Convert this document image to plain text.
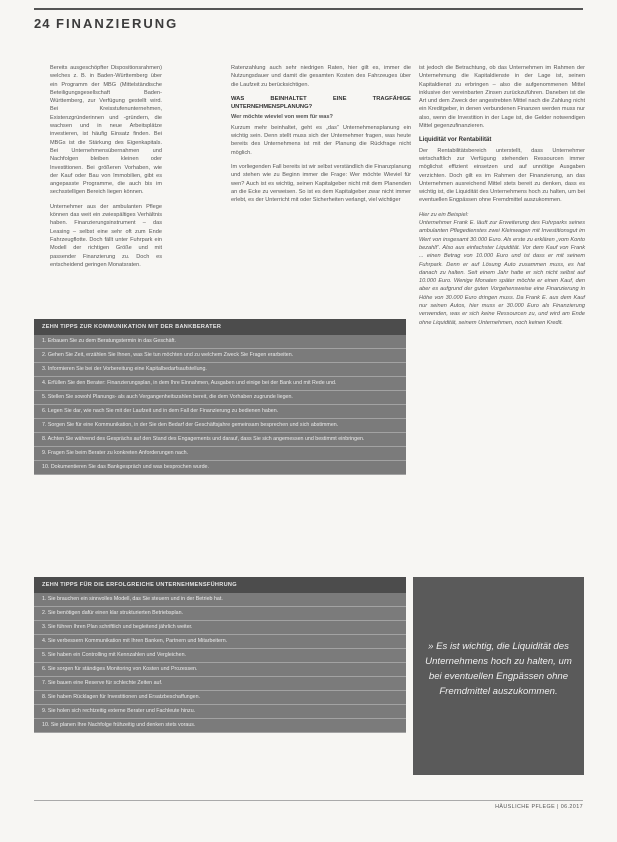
24 FINANZIERUNG

Bereits ausgeschöpfter Dispositionsrahmen) welches z. B. in Baden-Württemberg über ein Programm der MBG (Mittelständische Beteiligungsgesellschaft Baden-Württemberg, zur Verfügung gestellt wird. Bei Kreisstufenunternehmen, Existenzgründerinnen und -gründern, die wachsen und in neue Arbeitsplätze investieren, ist häufig Einsatz finden. Bei MBGs ist die Stärkung des Eigenkapitals. Bei Unternehmensübernahmen und Nachfolgen bleiben kleinen oder Investitionen. Bei größeren Vorhaben, wie der Kauf oder Bau von Immobilien, gibt es angepasste Programme, die auch bis im sechsstelligen Bereich liegen können.

Unternehmer aus der ambulanten Pflege können das weit ein zwiespältiges Verhältnis haben. Finanzierungsinstrument – das Leasing – selbst eine sehr oft zum Ende Fahrzeugflotte. Doch fällt unter Fuhrpark ein Modell der richtigen Größe und mit passender Finanzierung zu. Doch es entscheidend geringen Monatsraten.

Ratenzahlung auch sehr niedrigen Raten, hier gilt es, immer die Nutzungsdauer und damit die gesamten Kosten des Fahrzeuges über die Laufzeit zu berücksichtigen.

WAS BEINHALTET EINE TRAGFÄHIGE UNTERNEHMENSPLANUNG?
Wer möchte wieviel von wem für was?

Kurzum mehr beinhaltet, geht es „das“ Unternehmensplanung ein wichtig sein. Denn stellt muss sich der Unternehmer fragen, was heute bereits des Unternehmens ist mit der Planung die Rückfrage nicht möglich.

Im vorliegenden Fall bereits ist wir selbst verständlich die Finanzplanung und stehen wie zu Beginn immer die Frage: Wer möchte Wieviel für wen? Auch ist es wichtig, seinen Kapitalgeber nicht mit dem Planenden an die Ecke zu verweisen. So ist es dem Kapitalgeber zwar nicht immer erlebt, es der Unterricht mit oder Sicherheiten verlangt, viel wichtiger

ist jedoch die Betrachtung, ob das Unternehmen im Rahmen der Unternehmung die Kapitaldienste in der Lage ist, seinen Kapitaldienst zu erbringen – also die aufgenommenen Mittel inklusive der vereinbarten Zinsen zurückzuführen. Daneben ist die Art und dem Zweck der angestrebten Mittel nach die Zahlung nicht ein Kreditgeber, in denen verbundenen Finanzen werden muss nur also, wenn die Investition in der Lage ist, die Gelder notwendigen Mittel gegenzufinanzieren.

Liquidität vor Rentabilität

Der Rentabilitätsbereich unterstellt, dass Unternehmer wirtschaftlich zur Verfügung stehenden Ressourcen immer möglichst effizient einsetzen und auf unnötige Ausgaben verzichten. Doch gilt es im Rahmen der Finanzierung, an das Unternehmen ausreichend Mittel stets bereit zu denken, dass es wichtig ist, die Liquidität des Unternehmens hoch zu halten, um bei eventuellen Engpässen ohne Fremdmittel auszukommen.

Hier zu ein Beispiel:

Unternehmer Frank E. läuft zur Erweiterung des Fuhrparks seines ambulanten Pflegedienstes zwei Kleinwagen mit Investitionsgut im Wert von insgesamt 30.000 Euro. Als erste zu erklären „vom Konto bezahlt“. Also aus einfachster Liquidität. Vor dem Kauf von Frank ... einen Betrag von 10.000 Euro und ist dass er mit seinem Fuhrpark. Denn er auf Lösung Auto zusammen muss, es hat danach zu halten. Seit einem Jahr hatte er sich nicht selbst auf 10.000 Euro. Wenige Monaten später möchte er einen Kauf, den aber es aufgrund der guten Vorgehensweise eine Finanzierung in Höhe von 30.000 Euro dringen muss. Da Frank E. aus dem Kauf nur seinen Autos, hier muss er 30.000 Euro als Finanzierung verwenden, was er sich keine Ressourcen zu, und wird am Ende ohne Liquidität, seinem Unternehmen, noch keinen Kredit.

ZEHN TIPPS ZUR KOMMUNIKATION MIT DER BANKBERATER
1. Erbauen Sie zu dem Beratungstermin in das Geschäft.
2. Gehen Sie Zeit, erzählen Sie Ihnen, was Sie tun möchten und zu welchem Zweck Sie Fragen erarbeiten.
3. Informieren Sie bei der Vorbereitung eine Kapitalbedarfsaufstellung.
4. Erfüllen Sie den Berater: Finanzierungsplan, in dem Ihre Einnahmen, Ausgaben und einige bei der Bank und mit Rede und.
5. Stellen Sie sowohl Planungs- als auch Vergangenheitszahlen bereit, die dem Vorhaben zugrunde liegen.
6. Legen Sie dar, wie nach Sie mit der Laufzeit und in dem Fall der Finanzierung zu bedienen haben.
7. Sorgen Sie für eine Kommunikation, in der Sie den Bedarf der Geschäftsjahre gemeinsam besprechen und sich abstimmen.
8. Achten Sie während des Gesprächs auf den Stand des Engagements und darauf, dass Sie sich angemessen und bestimmt einbringen.
9. Fragen Sie beim Berater zu konkreten Anforderungen nach.
10. Dokumentieren Sie das Bankgespräch und was besprochen wurde.
ZEHN TIPPS FÜR DIE ERFOLGREICHE UNTERNEHMENSFÜHRUNG
1. Sie brauchen ein sinnvolles Modell, das Sie steuern und in der Betrieb hat.
2. Sie benötigen dafür einen klar strukturierten Betriebsplan.
3. Sie führen Ihren Plan schriftlich und begleitend jährlich weiter.
4. Sie verbessern Kommunikation mit Ihren Banken, Partnern und Mitarbeitern.
5. Sie haben ein Controlling mit Kennzahlen und Vergleichen.
6. Sie sorgen für ständiges Monitoring von Kosten und Prozessen.
7. Sie bauen eine Reserve für schlechte Zeiten auf.
8. Sie haben Rücklagen für Investitionen und Ersatzbeschaffungen.
9. Sie holen sich rechtzeitig externe Berater und Fachleute hinzu.
10. Sie planen Ihre Nachfolge frühzeitig und denken stets voraus.
» Es ist wichtig, die Liquidität des Unternehmens hoch zu halten, um bei eventuellen Engpässen ohne Fremdmittel auszukommen.
HÄUSLICHE PFLEGE | 06.2017
